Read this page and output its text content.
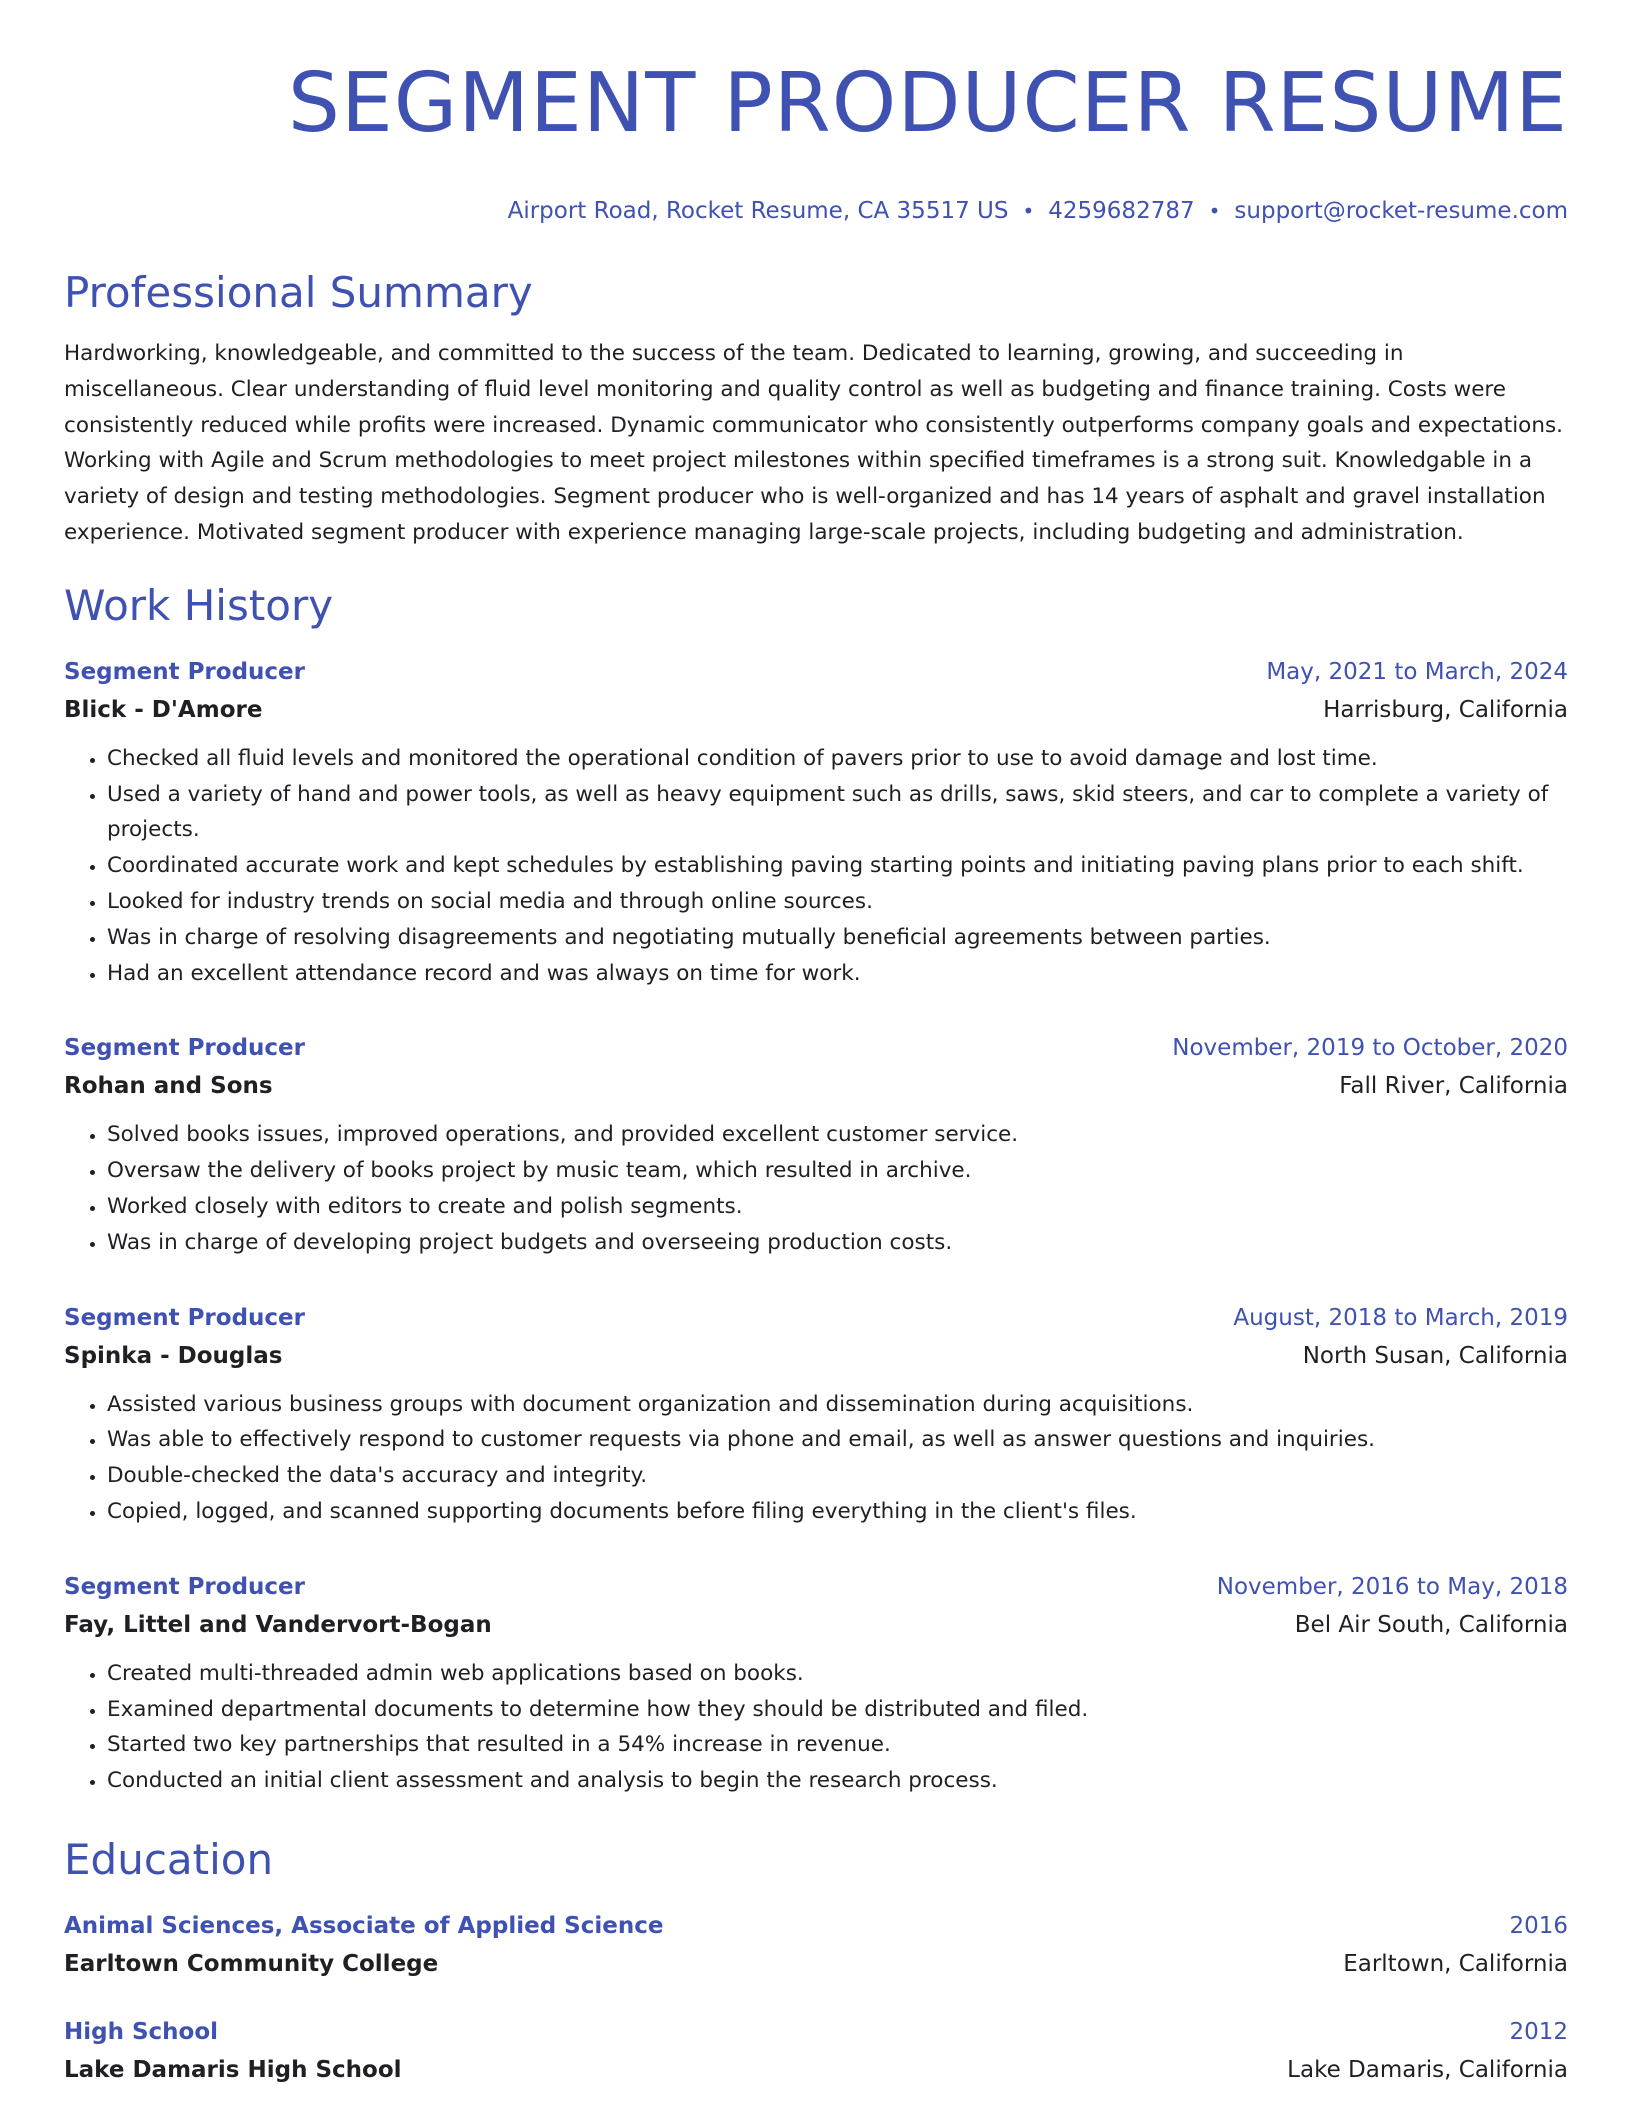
SEGMENT PRODUCER RESUME
Airport Road, Rocket Resume, CA 35517 US • 4259682787 • support@rocket-resume.com
Professional Summary
Hardworking, knowledgeable, and committed to the success of the team. Dedicated to learning, growing, and succeeding in miscellaneous. Clear understanding of fluid level monitoring and quality control as well as budgeting and finance training. Costs were consistently reduced while profits were increased. Dynamic communicator who consistently outperforms company goals and expectations. Working with Agile and Scrum methodologies to meet project milestones within specified timeframes is a strong suit. Knowledgable in a variety of design and testing methodologies. Segment producer who is well-organized and has 14 years of asphalt and gravel installation experience. Motivated segment producer with experience managing large-scale projects, including budgeting and administration.
Work History
Segment Producer	May, 2021 to March, 2024
Blick - D'Amore	Harrisburg, California
• Checked all fluid levels and monitored the operational condition of pavers prior to use to avoid damage and lost time.
• Used a variety of hand and power tools, as well as heavy equipment such as drills, saws, skid steers, and car to complete a variety of projects.
• Coordinated accurate work and kept schedules by establishing paving starting points and initiating paving plans prior to each shift.
• Looked for industry trends on social media and through online sources.
• Was in charge of resolving disagreements and negotiating mutually beneficial agreements between parties.
• Had an excellent attendance record and was always on time for work.
Segment Producer	November, 2019 to October, 2020
Rohan and Sons	Fall River, California
• Solved books issues, improved operations, and provided excellent customer service.
• Oversaw the delivery of books project by music team, which resulted in archive.
• Worked closely with editors to create and polish segments.
• Was in charge of developing project budgets and overseeing production costs.
Segment Producer	August, 2018 to March, 2019
Spinka - Douglas	North Susan, California
• Assisted various business groups with document organization and dissemination during acquisitions.
• Was able to effectively respond to customer requests via phone and email, as well as answer questions and inquiries.
• Double-checked the data's accuracy and integrity.
• Copied, logged, and scanned supporting documents before filing everything in the client's files.
Segment Producer	November, 2016 to May, 2018
Fay, Littel and Vandervort-Bogan	Bel Air South, California
• Created multi-threaded admin web applications based on books.
• Examined departmental documents to determine how they should be distributed and filed.
• Started two key partnerships that resulted in a 54% increase in revenue.
• Conducted an initial client assessment and analysis to begin the research process.
Education
Animal Sciences, Associate of Applied Science	2016
Earltown Community College	Earltown, California
High School	2012
Lake Damaris High School	Lake Damaris, California
